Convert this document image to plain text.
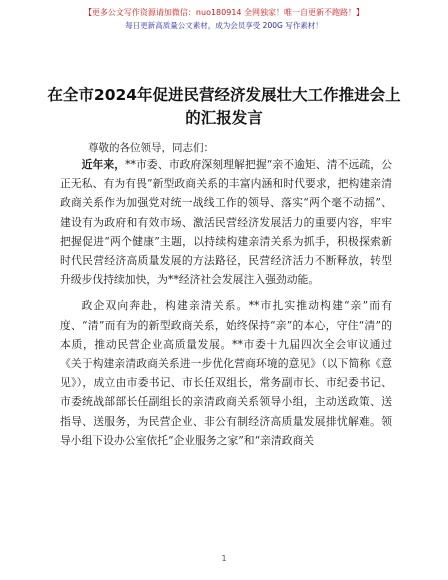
【更多公文写作资源请加微信：nuo180914 全网独家！唯一自更新不跑路！】
每日更新高质量公文素材，成为会员享受 200G 写作素材！
在全市2024年促进民营经济发展壮大工作推进会上的汇报发言
尊敬的各位领导，同志们：

近年来，**市委、市政府深刻理解把握“亲不逾矩、清不远疏，公正无私、有为有畏”新型政商关系的丰富内涵和时代要求，把构建亲清政商关系作为加强党对统一战线工作的领导、落实“两个毫不动摇”、建设有为政府和有效市场、激活民营经济发展活力的重要内容，牢牢把握促进“两个健康”主题，以持续构建亲清关系为抓手，积极探索新时代民营经济高质量发展的方法路径，民营经济活力不断释放，转型升级步伐持续加快，为**经济社会发展注入强劲动能。

政企双向奔赴，构建亲清关系。**市扎实推动构建“亲”而有度、“清”而有为的新型政商关系，始终保持“亲”的本心，守住“清”的本质，推动民营企业高质量发展。**市委十九届四次全会审议通过《关于构建亲清政商关系进一步优化营商环境的意见》（以下简称《意见》），成立由市委书记、市长任双组长，常务副市长、市纪委书记、市委统战部部长任副组长的亲清政商关系领导小组，主动送政策、送指导、送服务，为民营企业、非公有制经济高质量发展排忧解难。领导小组下设办公室依托“企业服务之家”和“亲清政商关

1
